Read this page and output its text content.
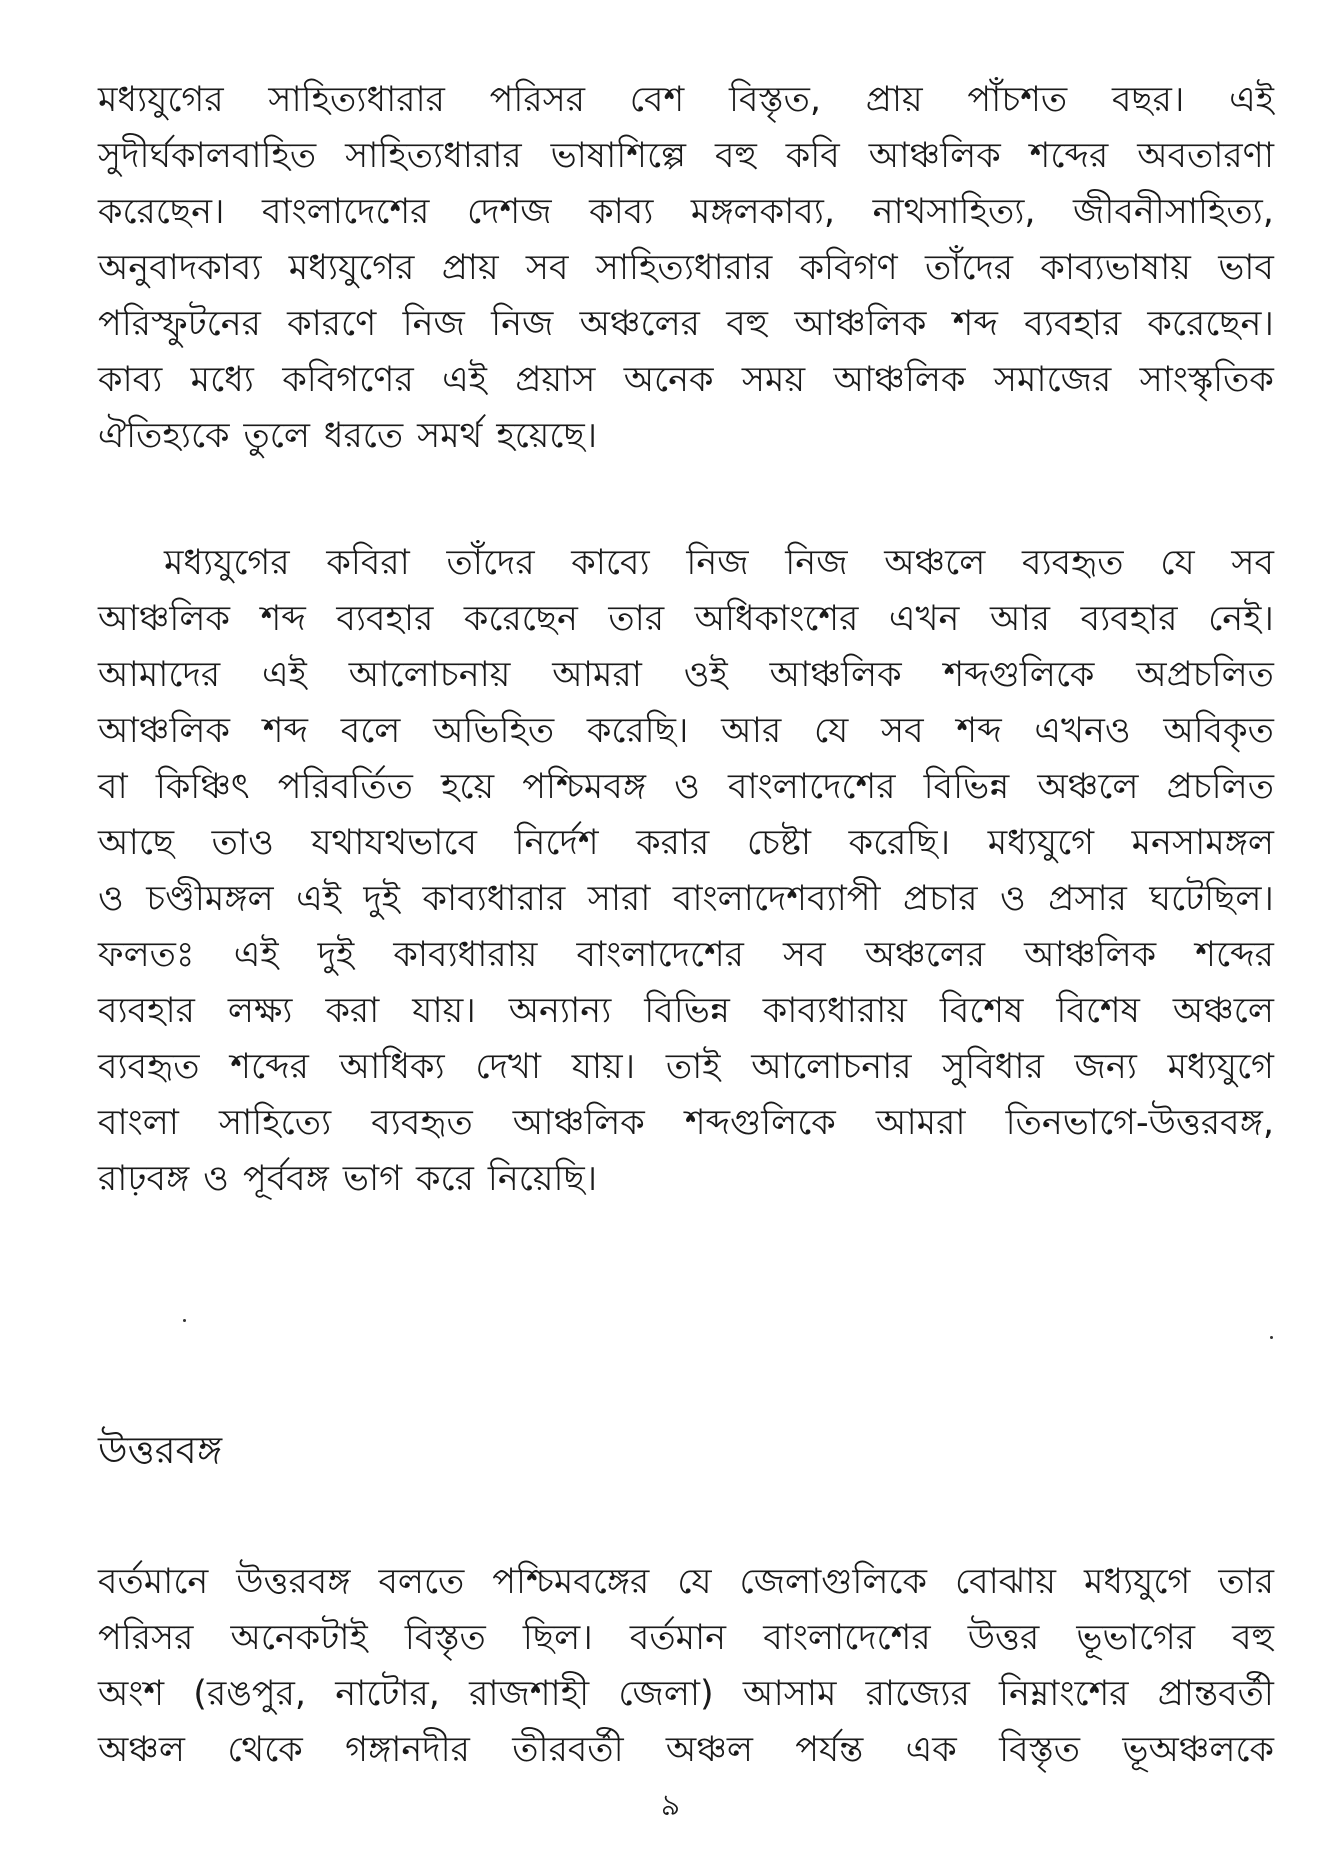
মধ্যযুগের সাহিত্যধারার পরিসর বেশ বিস্তৃত, প্রায় পাঁচশত বছর। এই
সুদীর্ঘকালবাহিত সাহিত্যধারার ভাষাশিল্পে বহু কবি আঞ্চলিক শব্দের অবতারণা
করেছেন। বাংলাদেশের দেশজ কাব্য মঙ্গলকাব্য, নাথসাহিত্য, জীবনীসাহিত্য,
অনুবাদকাব্য মধ্যযুগের প্রায় সব সাহিত্যধারার কবিগণ তাঁদের কাব্যভাষায় ভাব
পরিস্ফুটনের কারণে নিজ নিজ অঞ্চলের বহু আঞ্চলিক শব্দ ব্যবহার করেছেন।
কাব্য মধ্যে কবিগণের এই প্রয়াস অনেক সময় আঞ্চলিক সমাজের সাংস্কৃতিক
ঐতিহ্যকে তুলে ধরতে সমর্থ হয়েছে।
মধ্যযুগের কবিরা তাঁদের কাব্যে নিজ নিজ অঞ্চলে ব্যবহৃত যে সব
আঞ্চলিক শব্দ ব্যবহার করেছেন তার অধিকাংশের এখন আর ব্যবহার নেই।
আমাদের এই আলোচনায় আমরা ওই আঞ্চলিক শব্দগুলিকে অপ্রচলিত
আঞ্চলিক শব্দ বলে অভিহিত করেছি। আর যে সব শব্দ এখনও অবিকৃত
বা কিঞ্চিৎ পরিবর্তিত হয়ে পশ্চিমবঙ্গ ও বাংলাদেশের বিভিন্ন অঞ্চলে প্রচলিত
আছে তাও যথাযথভাবে নির্দেশ করার চেষ্টা করেছি। মধ্যযুগে মনসামঙ্গল
ও চণ্ডীমঙ্গল এই দুই কাব্যধারার সারা বাংলাদেশব্যাপী প্রচার ও প্রসার ঘটেছিল।
ফলতঃ এই দুই কাব্যধারায় বাংলাদেশের সব অঞ্চলের আঞ্চলিক শব্দের
ব্যবহার লক্ষ্য করা যায়। অন্যান্য বিভিন্ন কাব্যধারায় বিশেষ বিশেষ অঞ্চলে
ব্যবহৃত শব্দের আধিক্য দেখা যায়। তাই আলোচনার সুবিধার জন্য মধ্যযুগে
বাংলা সাহিত্যে ব্যবহৃত আঞ্চলিক শব্দগুলিকে আমরা তিনভাগে-উত্তরবঙ্গ,
রাঢ়বঙ্গ ও পূর্ববঙ্গ ভাগ করে নিয়েছি।
উত্তরবঙ্গ
বর্তমানে উত্তরবঙ্গ বলতে পশ্চিমবঙ্গের যে জেলাগুলিকে বোঝায় মধ্যযুগে তার
পরিসর অনেকটাই বিস্তৃত ছিল। বর্তমান বাংলাদেশের উত্তর ভূভাগের বহু
অংশ (রঙপুর, নাটোর, রাজশাহী জেলা) আসাম রাজ্যের নিম্নাংশের প্রান্তবর্তী
অঞ্চল থেকে গঙ্গানদীর তীরবর্তী অঞ্চল পর্যন্ত এক বিস্তৃত ভূঅঞ্চলকে
৯
